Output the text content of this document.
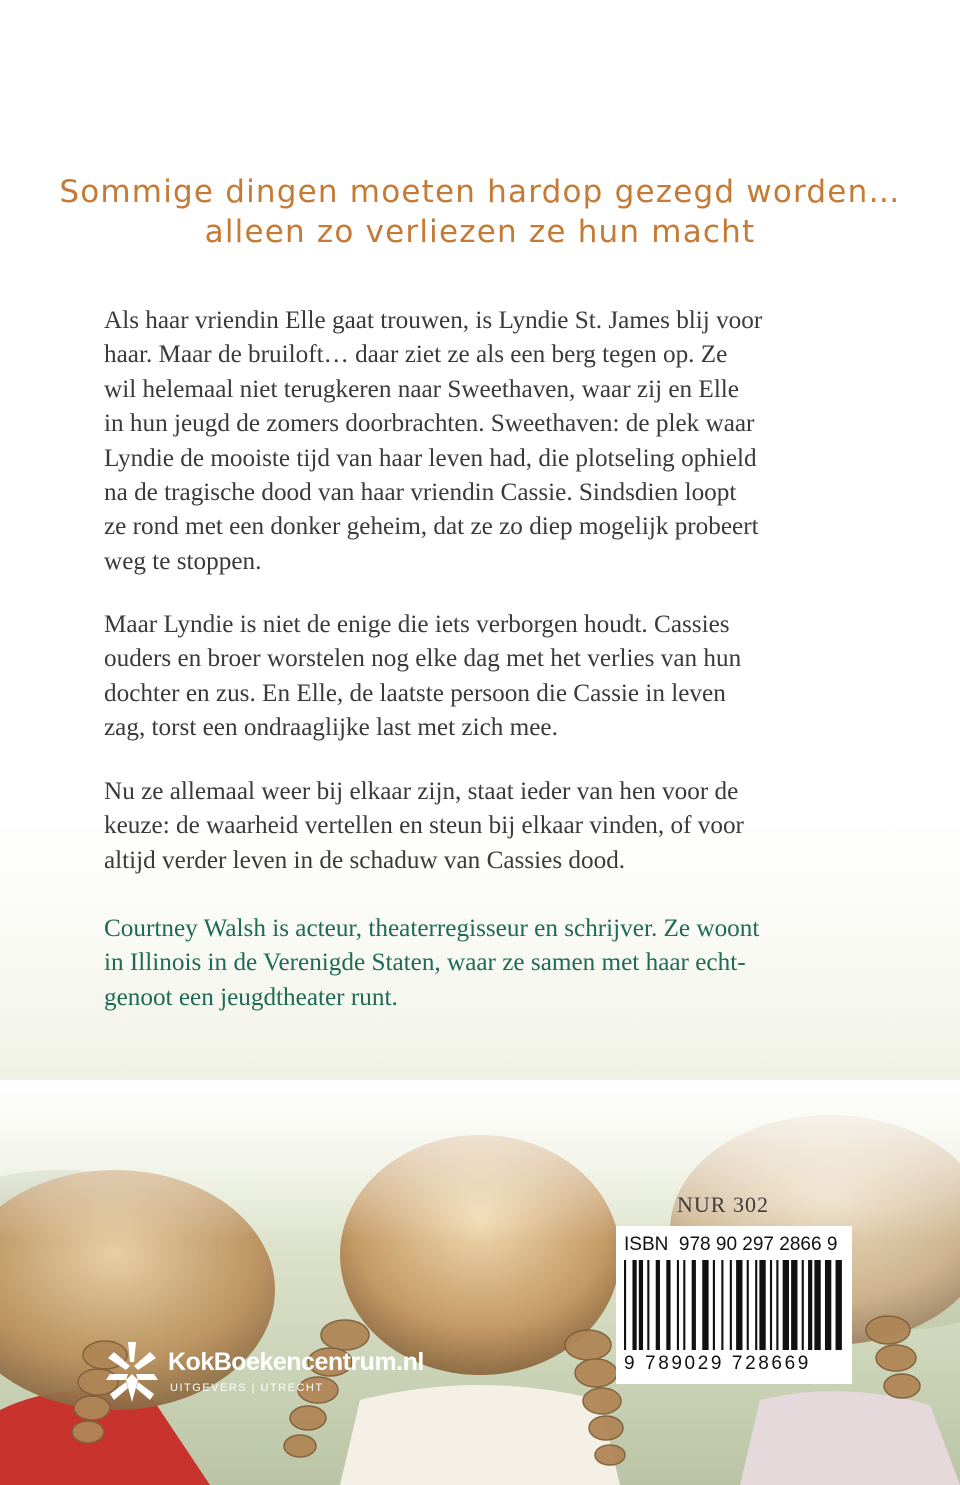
Sommige dingen moeten hardop gezegd worden…
alleen zo verliezen ze hun macht

Als haar vriendin Elle gaat trouwen, is Lyndie St. James blij voor
haar. Maar de bruiloft… daar ziet ze als een berg tegen op. Ze
wil helemaal niet terugkeren naar Sweethaven, waar zij en Elle
in hun jeugd de zomers doorbrachten. Sweethaven: de plek waar
Lyndie de mooiste tijd van haar leven had, die plotseling ophield
na de tragische dood van haar vriendin Cassie. Sindsdien loopt
ze rond met een donker geheim, dat ze zo diep mogelijk probeert
weg te stoppen.

Maar Lyndie is niet de enige die iets verborgen houdt. Cassies
ouders en broer worstelen nog elke dag met het verlies van hun
dochter en zus. En Elle, de laatste persoon die Cassie in leven
zag, torst een ondraaglijke last met zich mee.

Nu ze allemaal weer bij elkaar zijn, staat ieder van hen voor de
keuze: de waarheid vertellen en steun bij elkaar vinden, of voor
altijd verder leven in de schaduw van Cassies dood.

Courtney Walsh is acteur, theaterregisseur en schrijver. Ze woont
in Illinois in de Verenigde Staten, waar ze samen met haar echt-
genoot een jeugdtheater runt.

NUR 302
ISBN  978 90 297 2866 9
9 789029 728669
KokBoekencentrum.nl
UITGEVERS | UTRECHT
